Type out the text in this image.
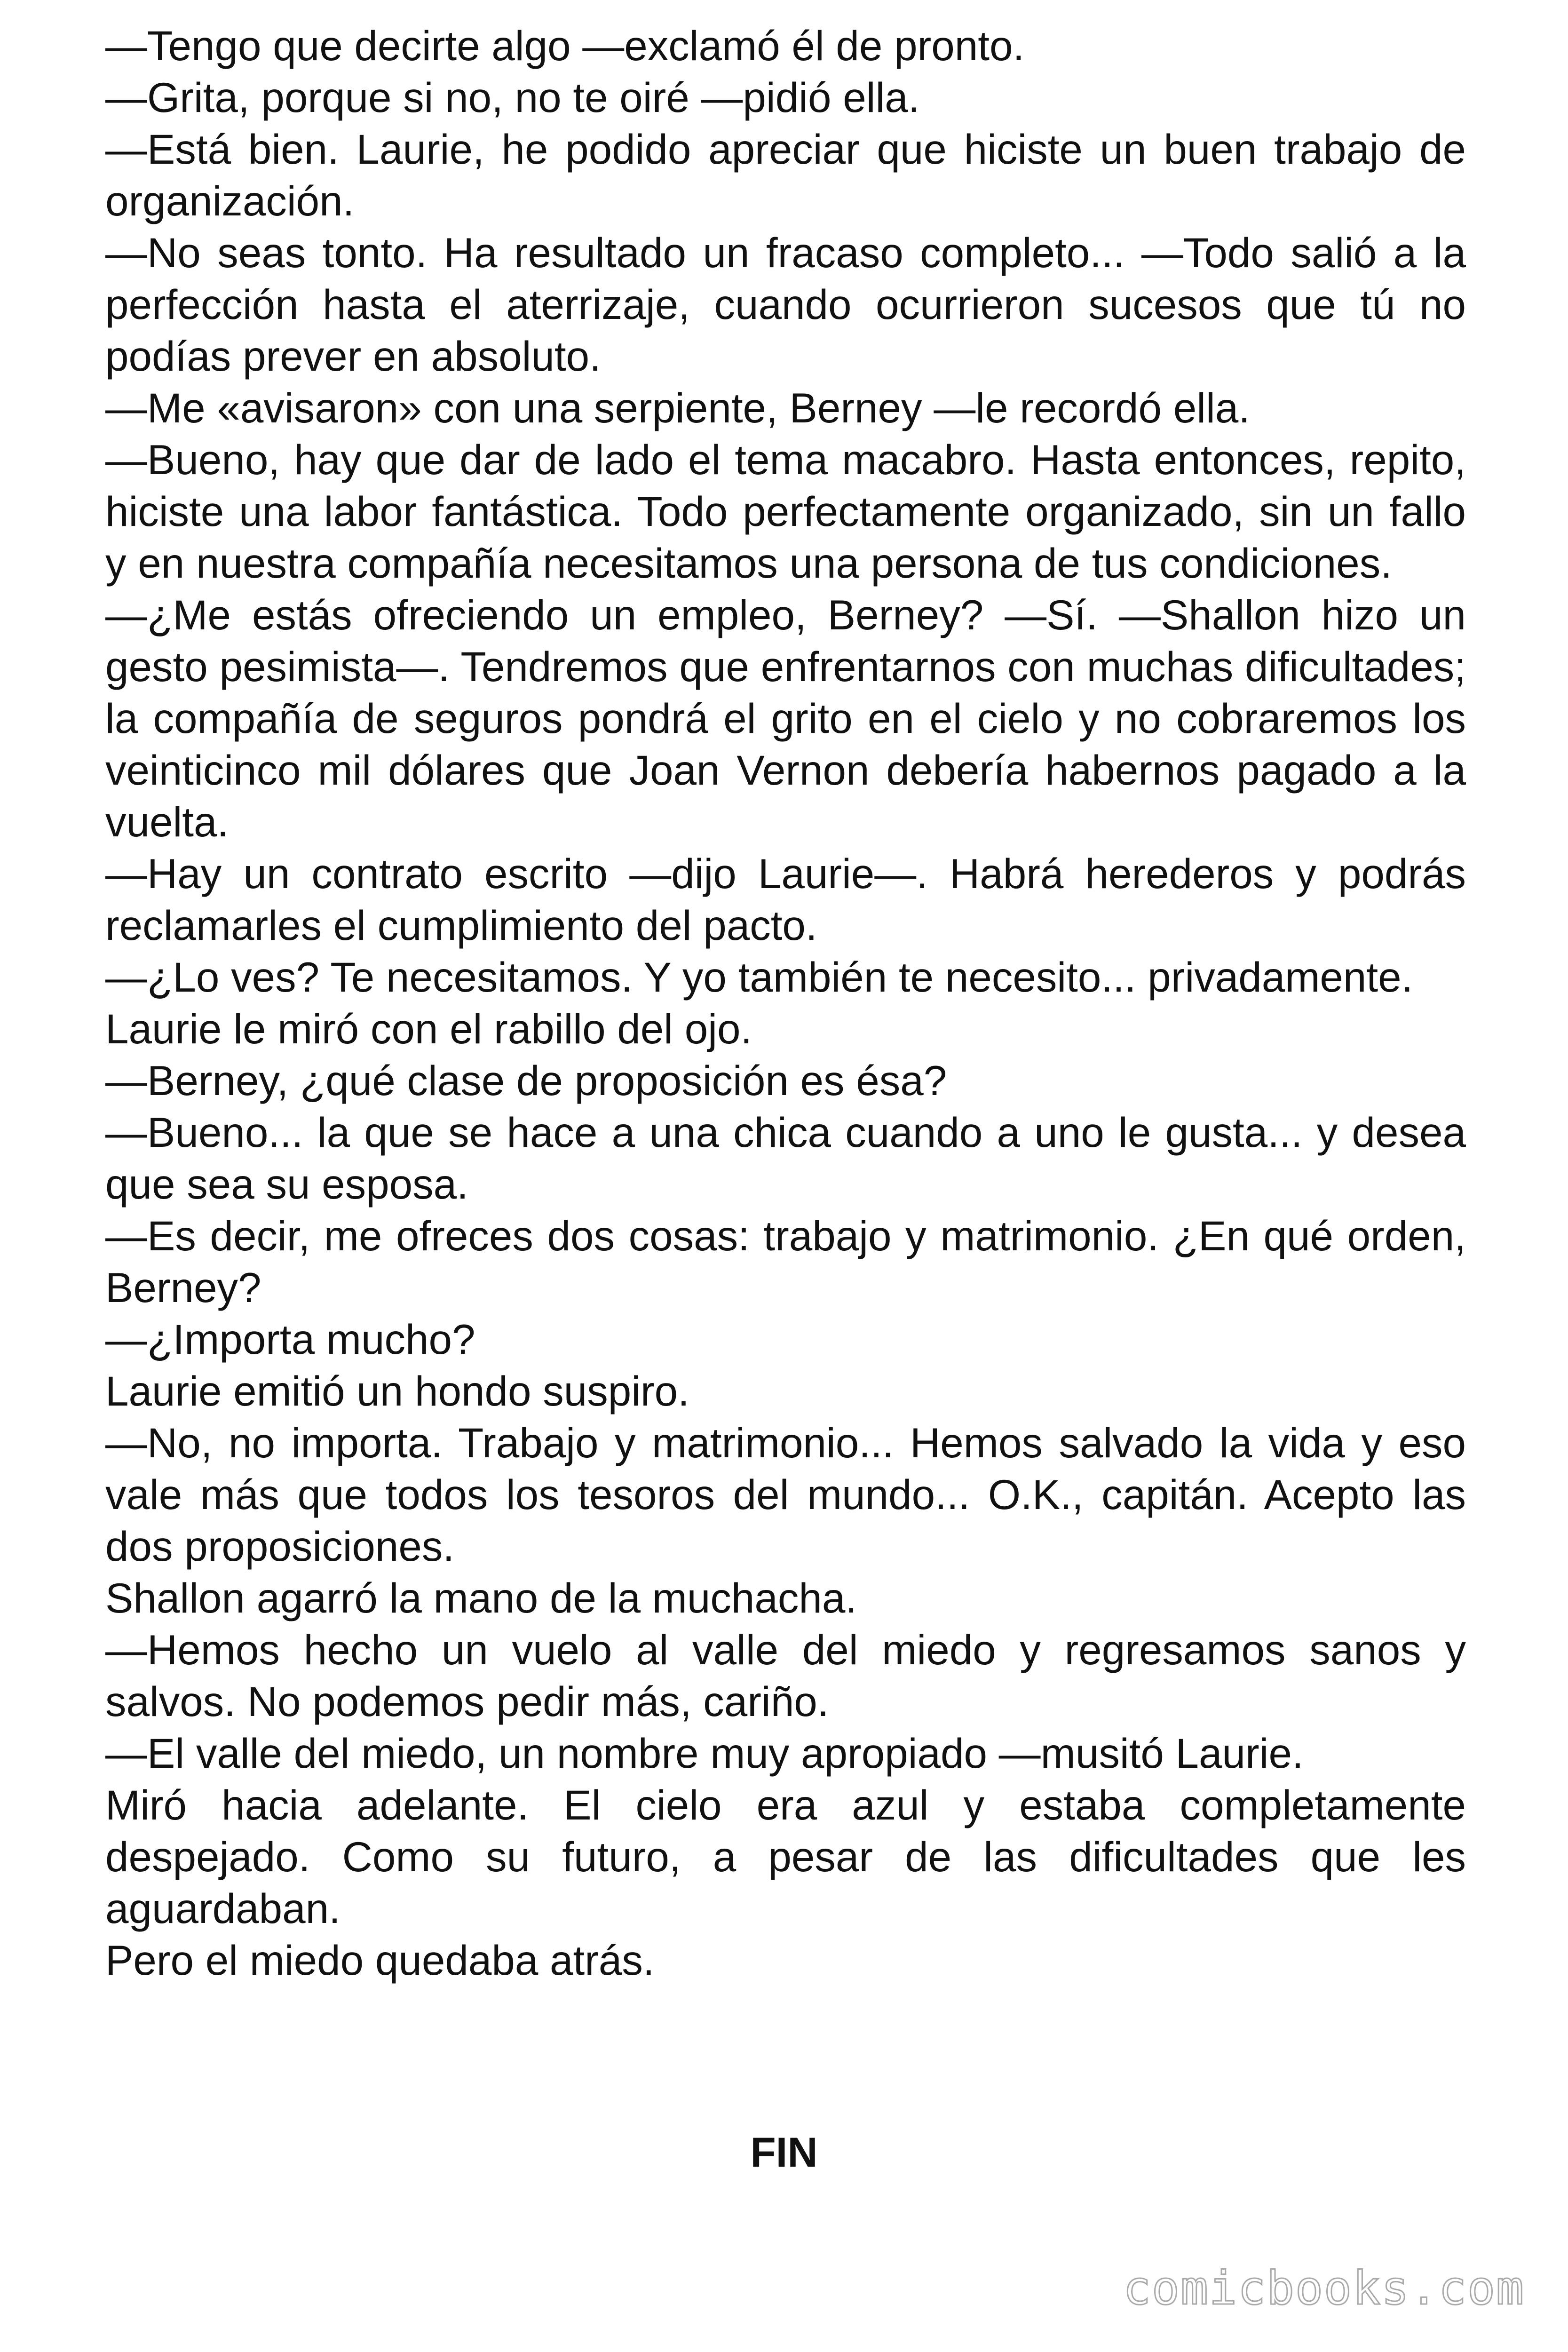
—Tengo que decirte algo —exclamó él de pronto.

—Grita, porque si no, no te oiré —pidió ella.

—Está bien. Laurie, he podido apreciar que hiciste un buen trabajo de organización.

—No seas tonto. Ha resultado un fracaso completo... —Todo salió a la perfección hasta el aterrizaje, cuando ocurrieron sucesos que tú no podías prever en absoluto.

—Me «avisaron» con una serpiente, Berney —le recordó ella.

—Bueno, hay que dar de lado el tema macabro. Hasta entonces, repito, hiciste una labor fantástica. Todo perfectamente organizado, sin un fallo y en nuestra compañía necesitamos una persona de tus condiciones.

—¿Me estás ofreciendo un empleo, Berney? —Sí. —Shallon hizo un gesto pesimista—. Tendremos que enfrentarnos con muchas dificultades; la compañía de seguros pondrá el grito en el cielo y no cobraremos los veinticinco mil dólares que Joan Vernon debería habernos pagado a la vuelta.

—Hay un contrato escrito —dijo Laurie—. Habrá herederos y podrás reclamarles el cumplimiento del pacto.

—¿Lo ves? Te necesitamos. Y yo también te necesito... privadamente.

Laurie le miró con el rabillo del ojo.

—Berney, ¿qué clase de proposición es ésa?

—Bueno... la que se hace a una chica cuando a uno le gusta... y desea que sea su esposa.

—Es decir, me ofreces dos cosas: trabajo y matrimonio. ¿En qué orden, Berney?

—¿Importa mucho?

Laurie emitió un hondo suspiro.

—No, no importa. Trabajo y matrimonio... Hemos salvado la vida y eso vale más que todos los tesoros del mundo... O.K., capitán. Acepto las dos proposiciones.

Shallon agarró la mano de la muchacha.

—Hemos hecho un vuelo al valle del miedo y regresamos sanos y salvos. No podemos pedir más, cariño.

—El valle del miedo, un nombre muy apropiado —musitó Laurie.

Miró hacia adelante. El cielo era azul y estaba completamente despejado. Como su futuro, a pesar de las dificultades que les aguardaban.

Pero el miedo quedaba atrás.

FIN
comicbooks.com
